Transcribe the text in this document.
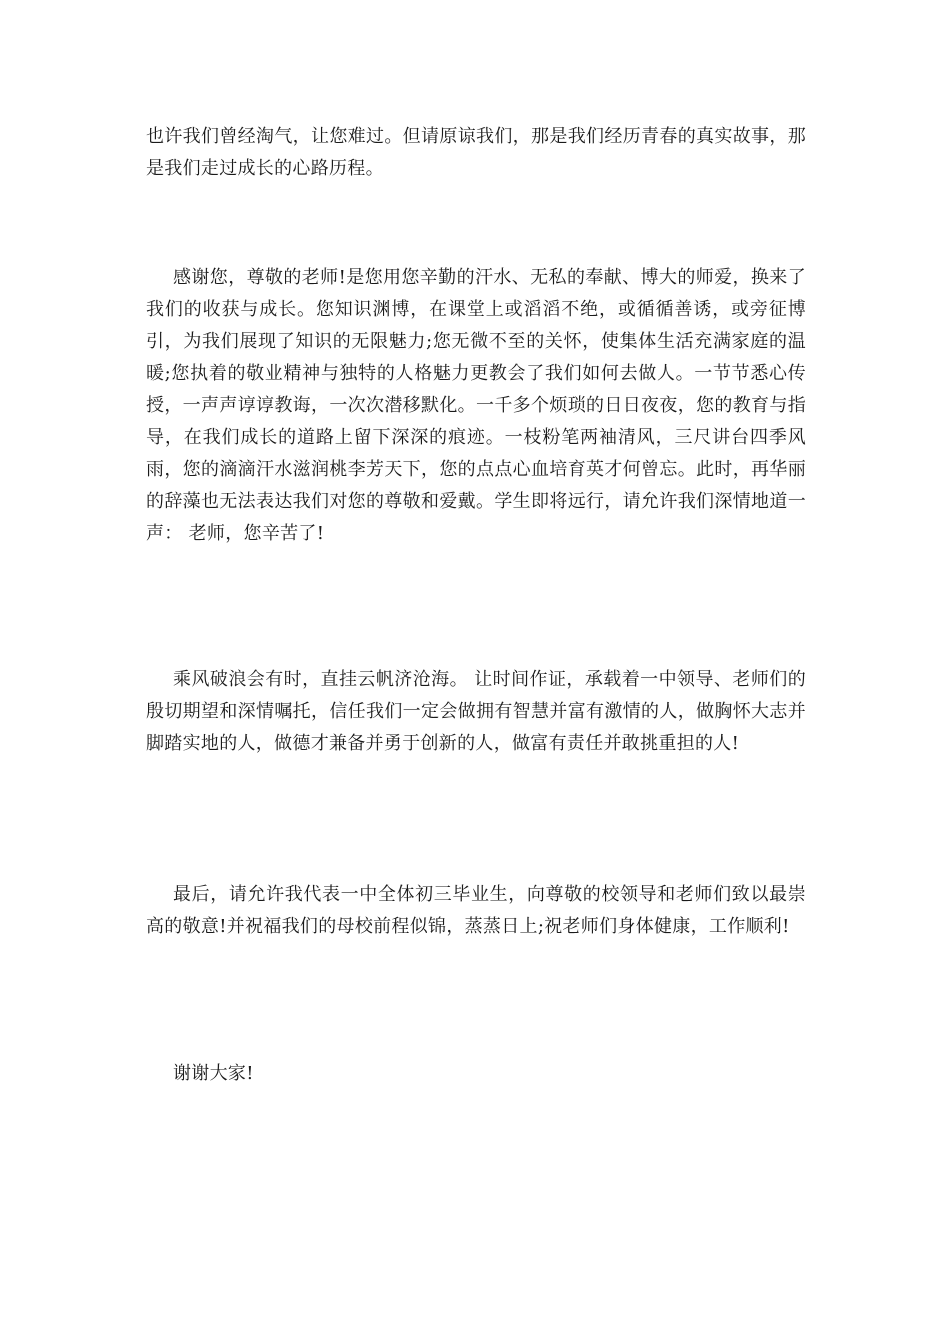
也许我们曾经淘气，让您难过。但请原谅我们，那是我们经历青春的真实故事，那是我们走过成长的心路历程。

感谢您，尊敬的老师!是您用您辛勤的汗水、无私的奉献、博大的师爱，换来了我们的收获与成长。您知识渊博，在课堂上或滔滔不绝，或循循善诱，或旁征博引，为我们展现了知识的无限魅力;您无微不至的关怀，使集体生活充满家庭的温暖;您执着的敬业精神与独特的人格魅力更教会了我们如何去做人。一节节悉心传授，一声声谆谆教诲，一次次潜移默化。一千多个烦琐的日日夜夜，您的教育与指导，在我们成长的道路上留下深深的痕迹。一枝粉笔两袖清风，三尺讲台四季风雨，您的滴滴汗水滋润桃李芳天下，您的点点心血培育英才何曾忘。此时，再华丽的辞藻也无法表达我们对您的尊敬和爱戴。学生即将远行，请允许我们深情地道一声： 老师，您辛苦了!

乘风破浪会有时，直挂云帆济沧海。 让时间作证，承载着一中领导、老师们的殷切期望和深情嘱托，信任我们一定会做拥有智慧并富有激情的人，做胸怀大志并脚踏实地的人，做德才兼备并勇于创新的人，做富有责任并敢挑重担的人!

最后，请允许我代表一中全体初三毕业生，向尊敬的校领导和老师们致以最崇高的敬意!并祝福我们的母校前程似锦，蒸蒸日上;祝老师们身体健康，工作顺利!

谢谢大家!
